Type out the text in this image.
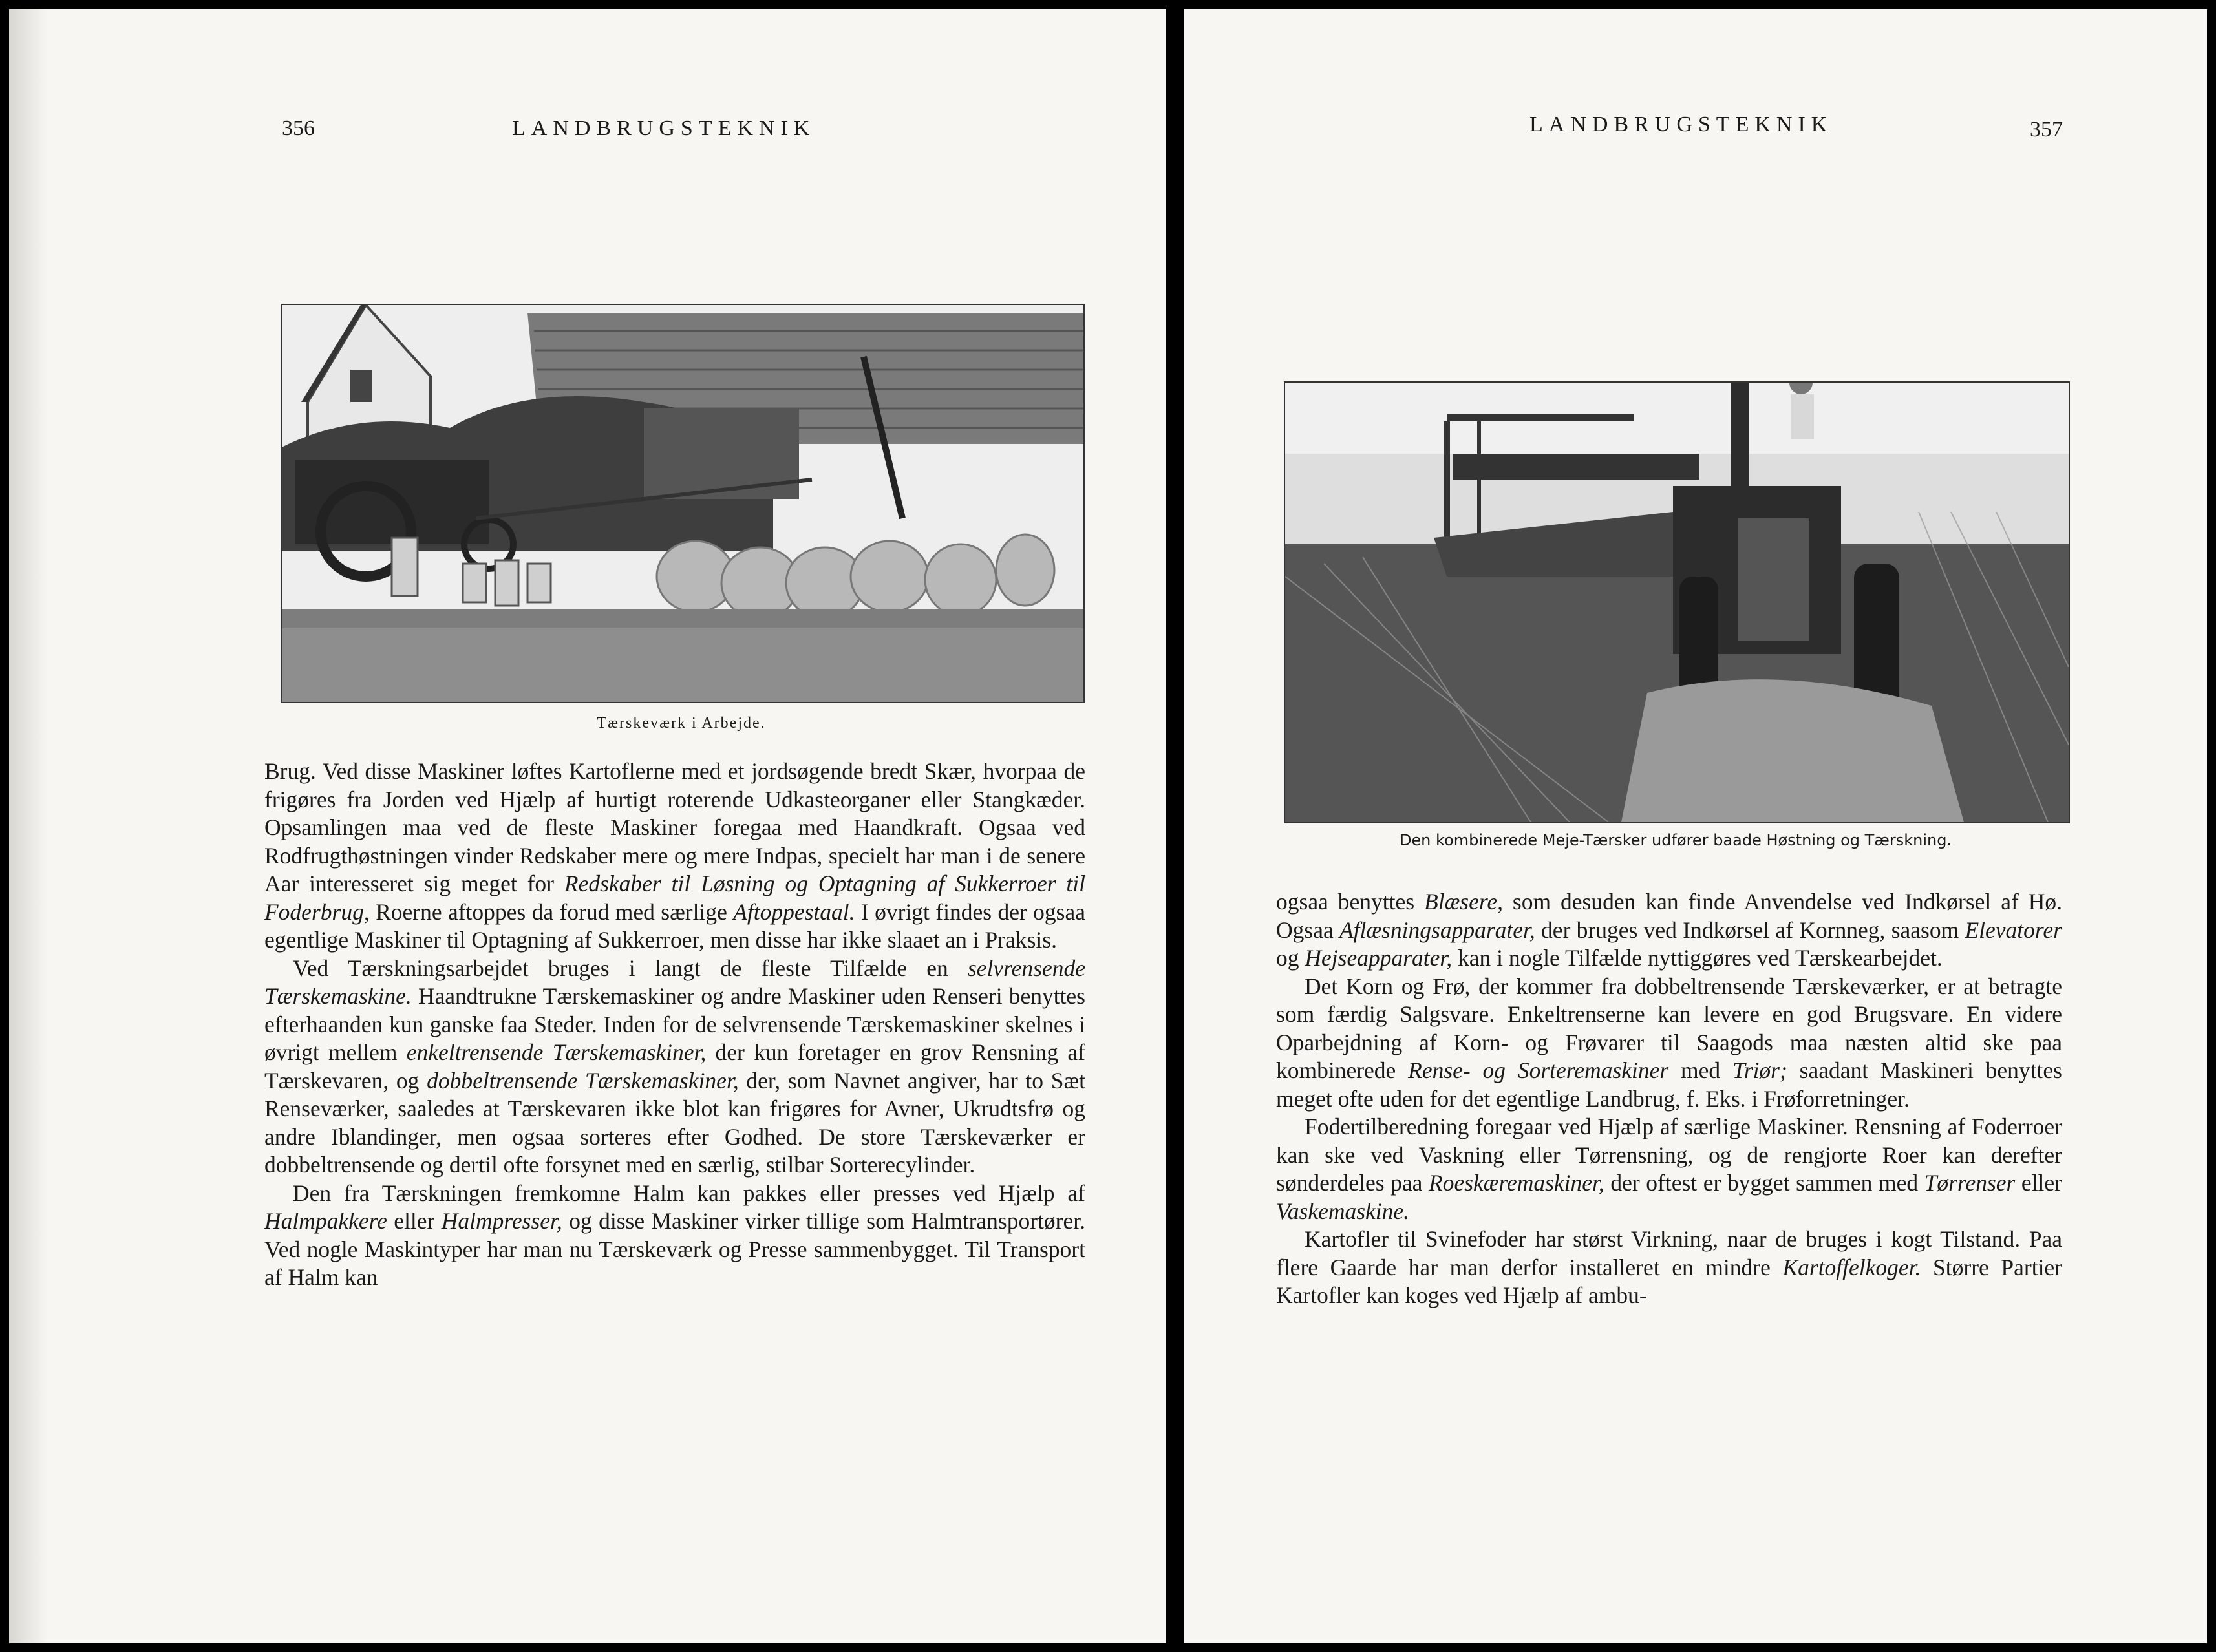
356	LANDBRUGSTEKNIK
Tærskeværk i Arbejde.

Brug. Ved disse Maskiner løftes Kartoflerne med et jordsøgende bredt Skær, hvorpaa de frigøres fra Jorden ved Hjælp af hurtigt roterende Udkasteorganer eller Stangkæder. Opsamlingen maa ved de fleste Maskiner foregaa med Haandkraft. Ogsaa ved Rodfrugthøstningen vinder Redskaber mere og mere Indpas, specielt har man i de senere Aar interesseret sig meget for Redskaber til Løsning og Optagning af Sukkerroer til Foderbrug, Roerne aftoppes da forud med særlige Aftoppestaal. I øvrigt findes der ogsaa egentlige Maskiner til Optagning af Sukkerroer, men disse har ikke slaaet an i Praksis.

Ved Tærskningsarbejdet bruges i langt de fleste Tilfælde en selvrensende Tærskemaskine. Haandtrukne Tærskemaskiner og andre Maskiner uden Renseri benyttes efterhaanden kun ganske faa Steder. Inden for de selvrensende Tærskemaskiner skelnes i øvrigt mellem enkeltrensende Tærskemaskiner, der kun foretager en grov Rensning af Tærskevaren, og dobbeltrensende Tærskemaskiner, der, som Navnet angiver, har to Sæt Renseværker, saaledes at Tærskevaren ikke blot kan frigøres for Avner, Ukrudtsfrø og andre Iblandinger, men ogsaa sorteres efter Godhed. De store Tærskeværker er dobbeltrensende og dertil ofte forsynet med en særlig, stilbar Sorterecylinder.

Den fra Tærskningen fremkomne Halm kan pakkes eller presses ved Hjælp af Halmpakkere eller Halmpresser, og disse Maskiner virker tillige som Halmtransportører. Ved nogle Maskintyper har man nu Tærskeværk og Presse sammenbygget. Til Transport af Halm kan

LANDBRUGSTEKNIK	357
Den kombinerede Meje-Tærsker udfører baade Høstning og Tærskning.

ogsaa benyttes Blæsere, som desuden kan finde Anvendelse ved Indkørsel af Hø. Ogsaa Aflæsningsapparater, der bruges ved Indkørsel af Kornneg, saasom Elevatorer og Hejseapparater, kan i nogle Tilfælde nyttiggøres ved Tærskearbejdet.

Det Korn og Frø, der kommer fra dobbeltrensende Tærskeværker, er at betragte som færdig Salgsvare. Enkeltrenserne kan levere en god Brugsvare. En videre Oparbejdning af Korn- og Frøvarer til Saagods maa næsten altid ske paa kombinerede Rense- og Sorteremaskiner med Triør; saadant Maskineri benyttes meget ofte uden for det egentlige Landbrug, f. Eks. i Frøforretninger.

Fodertilberedning foregaar ved Hjælp af særlige Maskiner. Rensning af Foderroer kan ske ved Vaskning eller Tørrensning, og de rengjorte Roer kan derefter sønderdeles paa Roeskæremaskiner, der oftest er bygget sammen med Tørrenser eller Vaskemaskine.

Kartofler til Svinefoder har størst Virkning, naar de bruges i kogt Tilstand. Paa flere Gaarde har man derfor installeret en mindre Kartoffelkoger. Større Partier Kartofler kan koges ved Hjælp af ambu-
